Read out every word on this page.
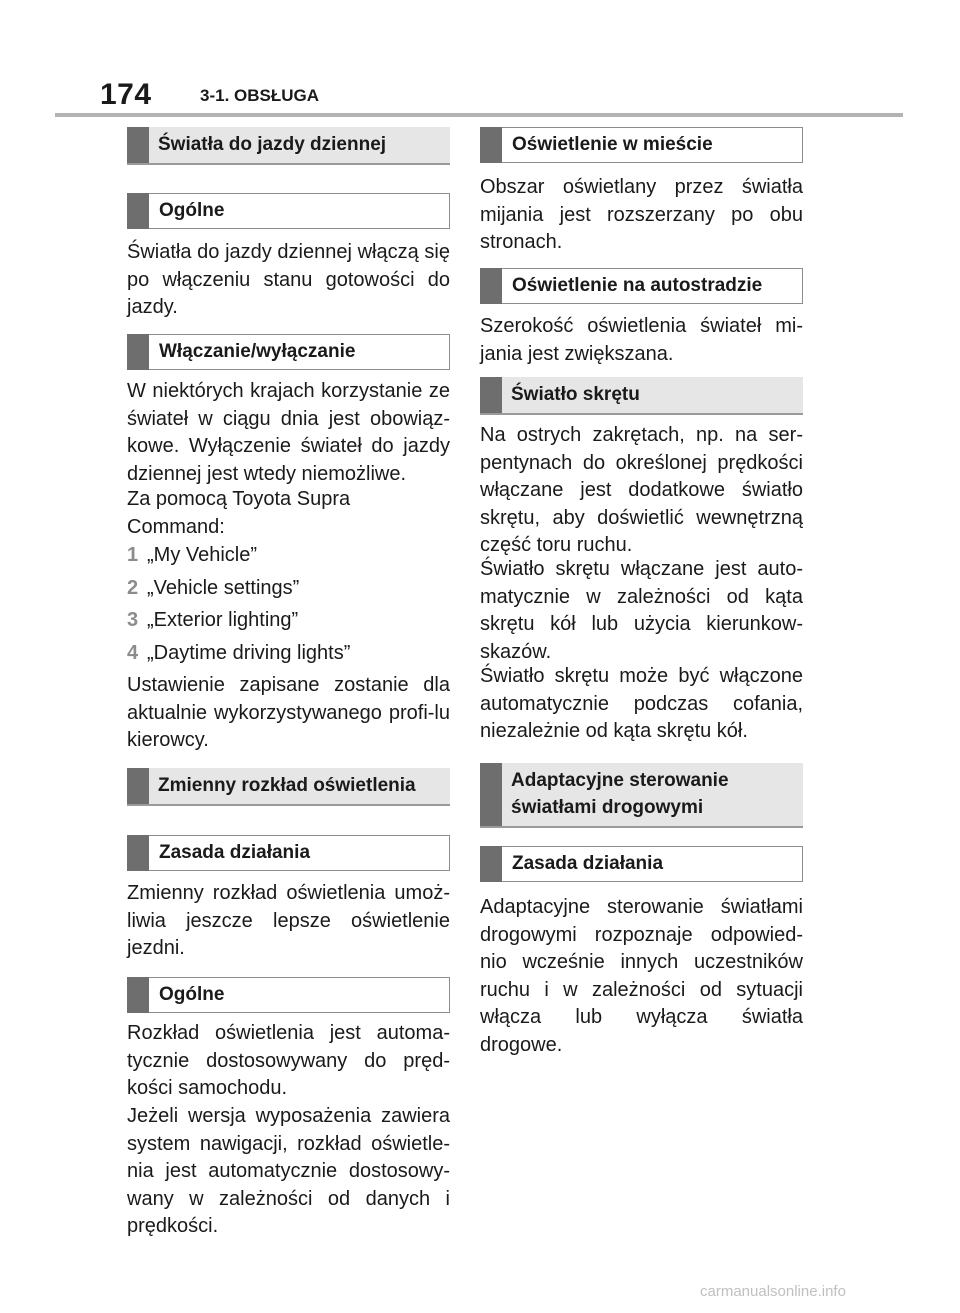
174	3-1. OBSŁUGA
Światła do jazdy dziennej
Ogólne
Światła do jazdy dziennej włączą się po włączeniu stanu gotowości do jazdy.
Włączanie/wyłączanie
W niektórych krajach korzystanie ze świateł w ciągu dnia jest obowiąz-kowe. Wyłączenie świateł do jazdy dziennej jest wtedy niemożliwe.
Za pomocą Toyota Supra Command:
1 „My Vehicle”
2 „Vehicle settings”
3 „Exterior lighting”
4 „Daytime driving lights”
Ustawienie zapisane zostanie dla aktualnie wykorzystywanego profi-lu kierowcy.
Zmienny rozkład oświetlenia
Zasada działania
Zmienny rozkład oświetlenia umoż-liwia jeszcze lepsze oświetlenie jezdni.
Ogólne
Rozkład oświetlenia jest automa-tycznie dostosowywany do pręd-kości samochodu.
Jeżeli wersja wyposażenia zawiera system nawigacji, rozkład oświetle-nia jest automatycznie dostosowy-wany w zależności od danych i prędkości.
Oświetlenie w mieście
Obszar oświetlany przez światła mijania jest rozszerzany po obu stronach.
Oświetlenie na autostradzie
Szerokość oświetlenia świateł mi-jania jest zwiększana.
Światło skrętu
Na ostrych zakrętach, np. na ser-pentynach do określonej prędkości włączane jest dodatkowe światło skrętu, aby doświetlić wewnętrzną część toru ruchu.
Światło skrętu włączane jest auto-matycznie w zależności od kąta skrętu kół lub użycia kierunkow-skazów.
Światło skrętu może być włączone automatycznie podczas cofania, niezależnie od kąta skrętu kół.
Adaptacyjne sterowanie
światłami drogowymi
Zasada działania
Adaptacyjne sterowanie światłami drogowymi rozpoznaje odpowied-nio wcześnie innych uczestników ruchu i w zależności od sytuacji włącza lub wyłącza światła drogowe.
carmanualsonline.info
